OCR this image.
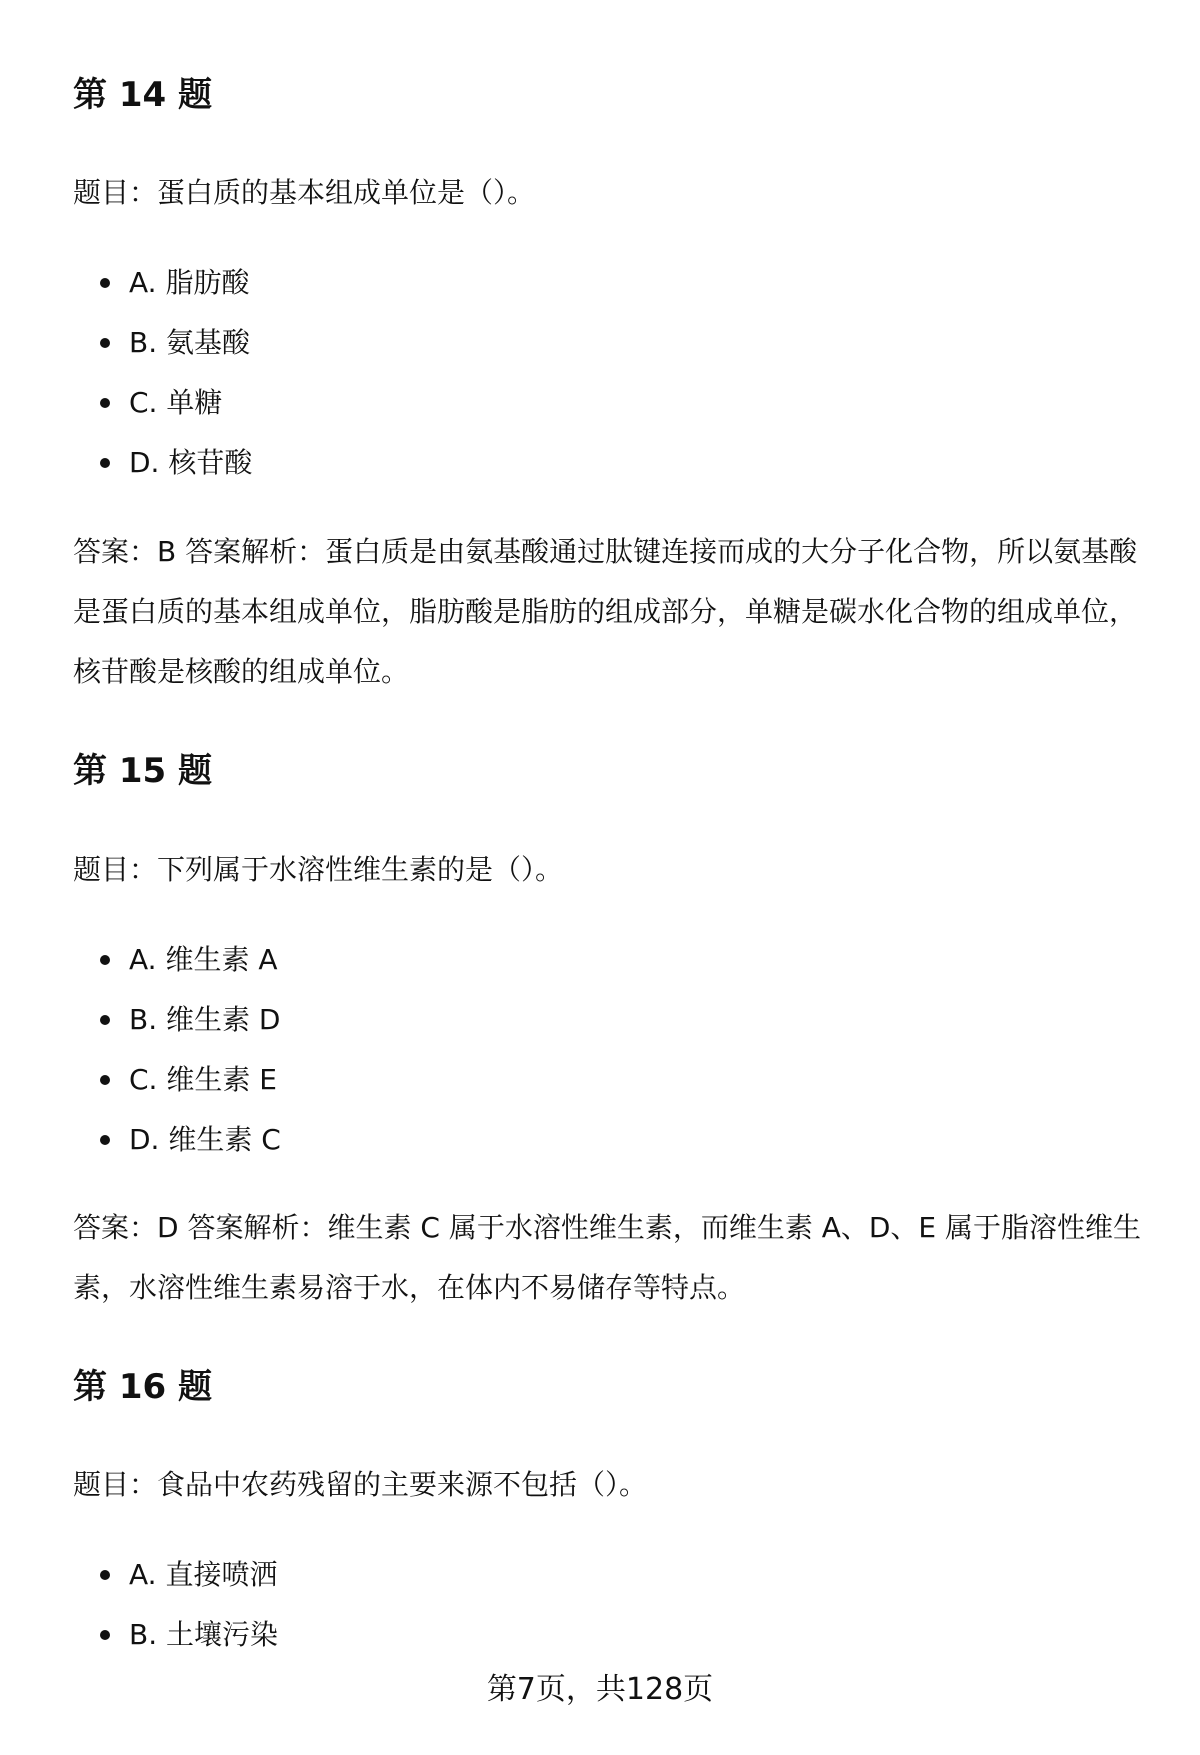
第 14 题

题目：蛋白质的基本组成单位是（）。

A. 脂肪酸
B. 氨基酸
C. 单糖
D. 核苷酸

答案：B 答案解析：蛋白质是由氨基酸通过肽键连接而成的大分子化合物，所以氨基酸是蛋白质的基本组成单位，脂肪酸是脂肪的组成部分，单糖是碳水化合物的组成单位，核苷酸是核酸的组成单位。

第 15 题

题目：下列属于水溶性维生素的是（）。

A. 维生素 A
B. 维生素 D
C. 维生素 E
D. 维生素 C

答案：D 答案解析：维生素 C 属于水溶性维生素，而维生素 A、D、E 属于脂溶性维生素，水溶性维生素易溶于水，在体内不易储存等特点。

第 16 题

题目：食品中农药残留的主要来源不包括（）。

A. 直接喷洒
B. 土壤污染
第7页，共128页
